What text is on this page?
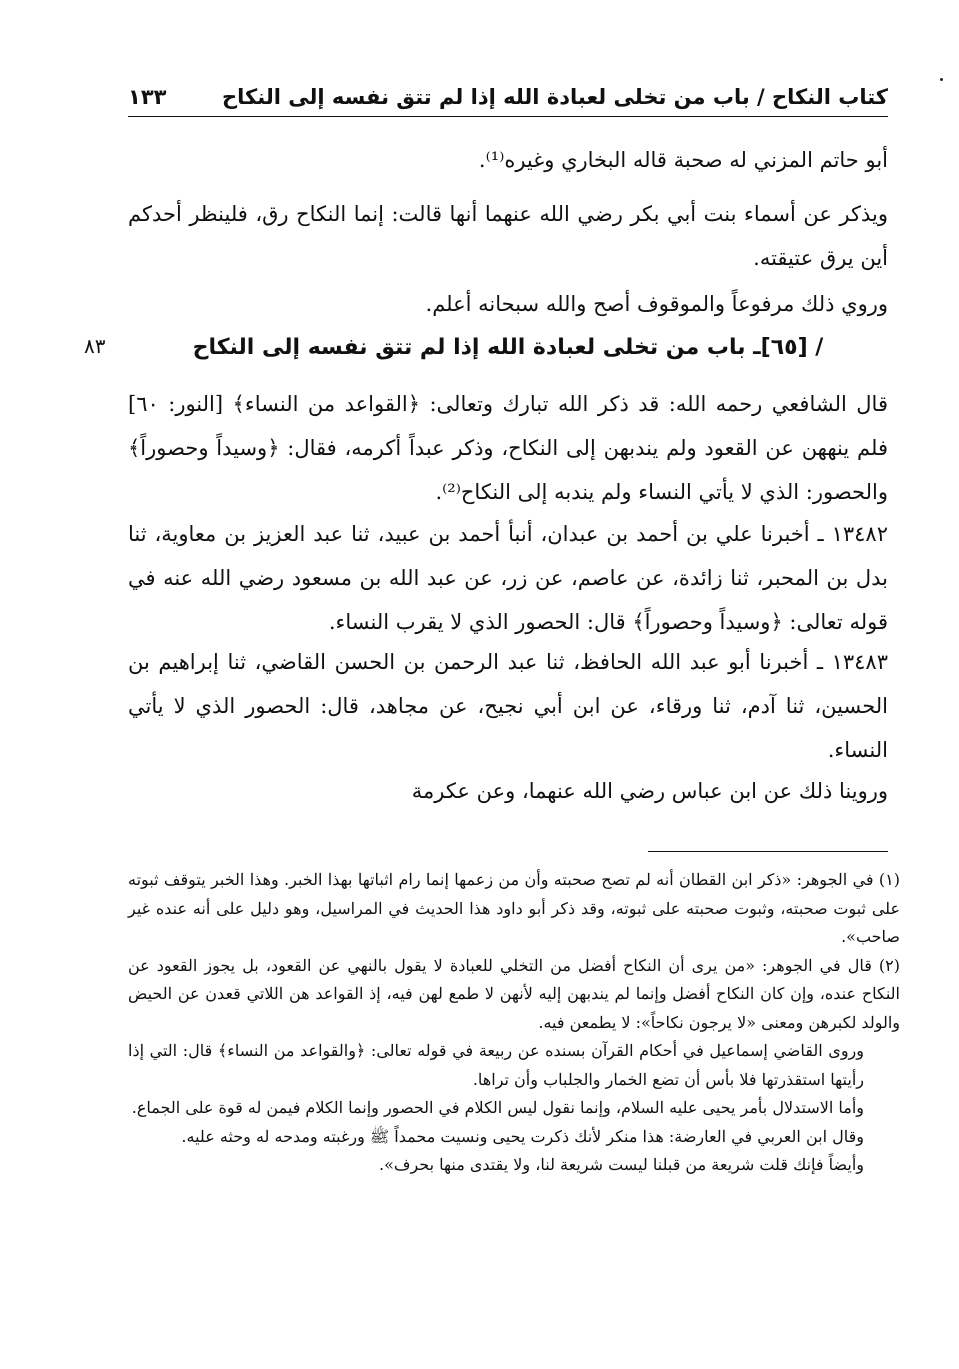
كتاب النكاح / باب من تخلى لعبادة الله إذا لم تتق نفسه إلى النكاح
١٣٣

أبو حاتم المزني له صحبة قاله البخاري وغيره⁽¹⁾.

ويذكر عن أسماء بنت أبي بكر رضي الله عنهما أنها قالت: إنما النكاح رق، فلينظر أحدكم أين يرق عتيقته.

وروي ذلك مرفوعاً والموقوف أصح والله سبحانه أعلم.

/ [٦٥]ـ باب من تخلى لعبادة الله إذا لم تتق نفسه إلى النكاح
٨٣

قال الشافعي رحمه الله: قد ذكر الله تبارك وتعالى: ﴿القواعد من النساء﴾ [النور: ٦٠] فلم ينههن عن القعود ولم يندبهن إلى النكاح، وذكر عبداً أكرمه، فقال: ﴿وسيداً وحصوراً﴾ والحصور: الذي لا يأتي النساء ولم يندبه إلى النكاح⁽²⁾.

١٣٤٨٢ ـ أخبرنا علي بن أحمد بن عبدان، أنبأ أحمد بن عبيد، ثنا عبد العزيز بن معاوية، ثنا بدل بن المحبر، ثنا زائدة، عن عاصم، عن زر، عن عبد الله بن مسعود رضي الله عنه في قوله تعالى: ﴿وسيداً وحصوراً﴾ قال: الحصور الذي لا يقرب النساء.

١٣٤٨٣ ـ أخبرنا أبو عبد الله الحافظ، ثنا عبد الرحمن بن الحسن القاضي، ثنا إبراهيم بن الحسين، ثنا آدم، ثنا ورقاء، عن ابن أبي نجيح، عن مجاهد، قال: الحصور الذي لا يأتي النساء.

وروينا ذلك عن ابن عباس رضي الله عنهما، وعن عكرمة

(١) في الجوهر: «ذكر ابن القطان أنه لم تصح صحبته وأن من زعمها إنما رام اثباتها بهذا الخبر. وهذا الخبر يتوقف ثبوته على ثبوت صحبته، وثبوت صحبته على ثبوته، وقد ذكر أبو داود هذا الحديث في المراسيل، وهو دليل على أنه عنده غير صاحب».

(٢) قال في الجوهر: «من يرى أن النكاح أفضل من التخلي للعبادة لا يقول بالنهي عن القعود، بل يجوز القعود عن النكاح عنده، وإن كان النكاح أفضل وإنما لم يندبهن إليه لأنهن لا طمع لهن فيه، إذ القواعد هن اللاتي قعدن عن الحيض والولد لكبرهن ومعنى «لا يرجون نكاحاً»: لا يطمعن فيه.

وروى القاضي إسماعيل في أحكام القرآن بسنده عن ربيعة في قوله تعالى: ﴿والقواعد من النساء﴾ قال: التي إذا رأيتها استقذرتها فلا بأس أن تضع الخمار والجلباب وأن تراها.

وأما الاستدلال بأمر يحيى عليه السلام، وإنما نقول ليس الكلام في الحصور وإنما الكلام فيمن له قوة على الجماع.

وقال ابن العربي في العارضة: هذا منكر لأنك ذكرت يحيى ونسيت محمداً ﷺ ورغبته ومدحه له وحثه عليه.

وأيضاً فإنك قلت شريعة من قبلنا ليست شريعة لنا، ولا يقتدى منها بحرف».
